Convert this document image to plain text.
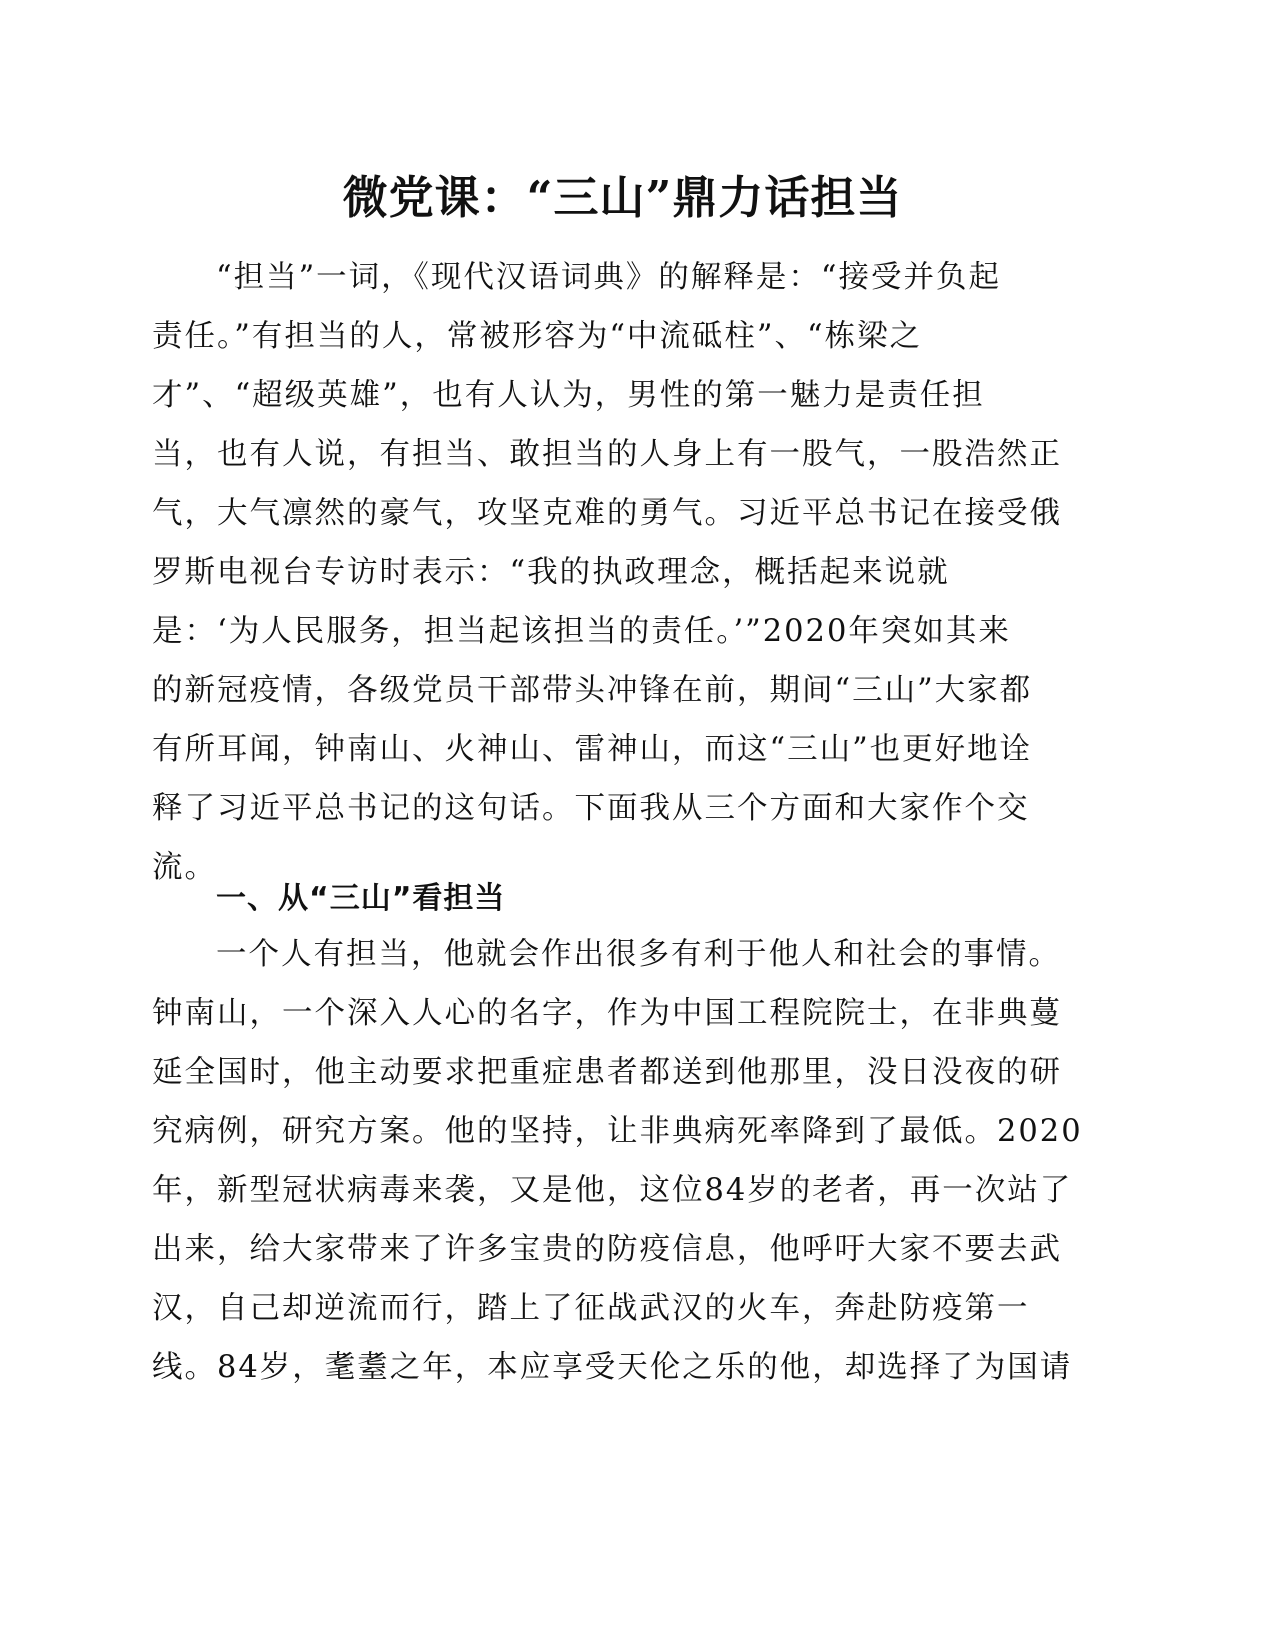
微党课：“三山”鼎力话担当
“担当”一词，《现代汉语词典》的解释是：“接受并负起
责任。”有担当的人，常被形容为“中流砥柱”、“栋梁之
才”、“超级英雄”，也有人认为，男性的第一魅力是责任担
当，也有人说，有担当、敢担当的人身上有一股气，一股浩然正
气，大气凛然的豪气，攻坚克难的勇气。习近平总书记在接受俄
罗斯电视台专访时表示：“我的执政理念，概括起来说就
是：‘为人民服务，担当起该担当的责任。’”2020年突如其来
的新冠疫情，各级党员干部带头冲锋在前，期间“三山”大家都
有所耳闻，钟南山、火神山、雷神山，而这“三山”也更好地诠
释了习近平总书记的这句话。下面我从三个方面和大家作个交
流。
一、从“三山”看担当
一个人有担当，他就会作出很多有利于他人和社会的事情。
钟南山，一个深入人心的名字，作为中国工程院院士，在非典蔓
延全国时，他主动要求把重症患者都送到他那里，没日没夜的研
究病例，研究方案。他的坚持，让非典病死率降到了最低。2020
年，新型冠状病毒来袭，又是他，这位84岁的老者，再一次站了
出来，给大家带来了许多宝贵的防疫信息，他呼吁大家不要去武
汉，自己却逆流而行，踏上了征战武汉的火车，奔赴防疫第一
线。84岁，耄耋之年，本应享受天伦之乐的他，却选择了为国请
